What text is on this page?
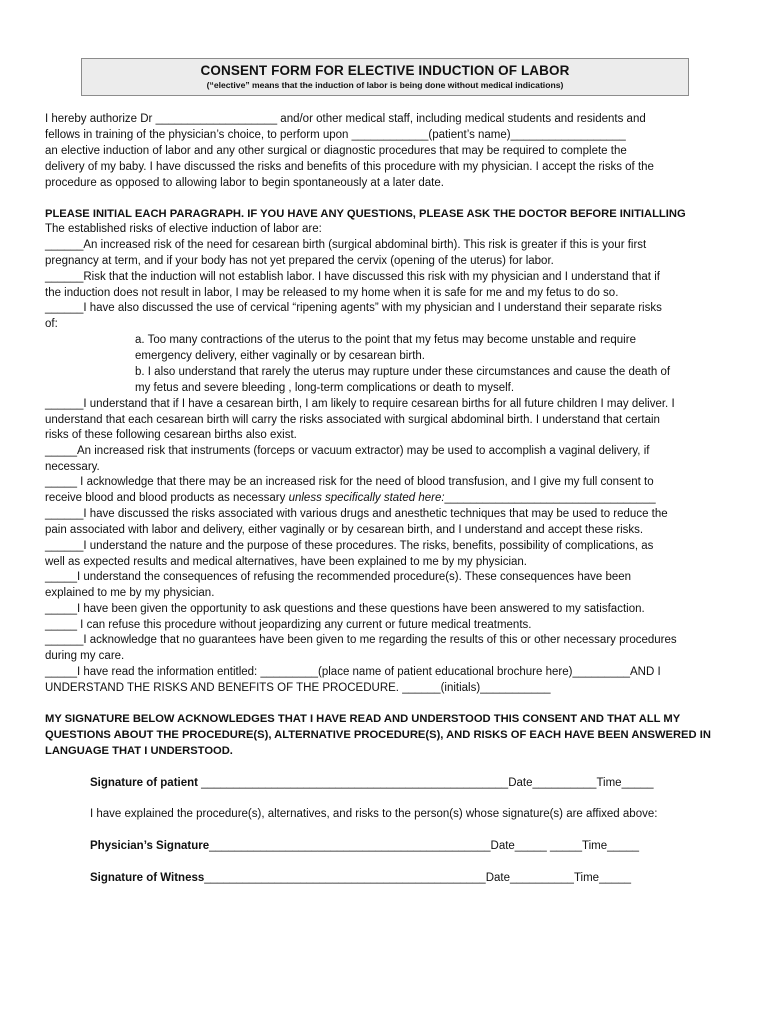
CONSENT FORM FOR ELECTIVE INDUCTION OF LABOR
(“elective” means that the induction of labor is being done without medical indications)
I hereby authorize Dr ___________________ and/or other medical staff, including medical students and residents and
fellows in training of the physician’s choice, to perform upon ____________(patient’s name)__________________
an elective induction of labor and any other surgical or diagnostic procedures that may be required to complete the
delivery of my baby. I have discussed the risks and benefits of this procedure with my physician. I accept the risks of the
procedure as opposed to allowing labor to begin spontaneously at a later date.
PLEASE INITIAL EACH PARAGRAPH. IF YOU HAVE ANY QUESTIONS, PLEASE ASK THE DOCTOR BEFORE INITIALLING
The established risks of elective induction of labor are:
______An increased risk of the need for cesarean birth (surgical abdominal birth). This risk is greater if this is your first
pregnancy at term, and if your body has not yet prepared the cervix (opening of the uterus) for labor.
______Risk that the induction will not establish labor. I have discussed this risk with my physician and I understand that if
the induction does not result in labor, I may be released to my home when it is safe for me and my fetus to do so.
______I have also discussed the use of cervical “ripening agents” with my physician and I understand their separate risks
of:
a. Too many contractions of the uterus to the point that my fetus may become unstable and require
emergency delivery, either vaginally or by cesarean birth.
b. I also understand that rarely the uterus may rupture under these circumstances and cause the death of
my fetus and severe bleeding , long-term complications or death to myself.
______I understand that if I have a cesarean birth, I am likely to require cesarean births for all future children I may deliver. I
understand that each cesarean birth will carry the risks associated with surgical abdominal birth. I understand that certain
risks of these following cesarean births also exist.
_____An increased risk that instruments (forceps or vacuum extractor) may be used to accomplish a vaginal delivery, if
necessary.
_____ I acknowledge that there may be an increased risk for the need of blood transfusion, and I give my full consent to
receive blood and blood products as necessary unless specifically stated here:_________________________________
______I have discussed the risks associated with various drugs and anesthetic techniques that may be used to reduce the
pain associated with labor and delivery, either vaginally or by cesarean birth, and I understand and accept these risks.
______I understand the nature and the purpose of these procedures. The risks, benefits, possibility of complications, as
well as expected results and medical alternatives, have been explained to me by my physician.
_____I understand the consequences of refusing the recommended procedure(s). These consequences have been
explained to me by my physician.
_____I have been given the opportunity to ask questions and these questions have been answered to my satisfaction.
_____ I can refuse this procedure without jeopardizing any current or future medical treatments.
______I acknowledge that no guarantees have been given to me regarding the results of this or other necessary procedures
during my care.
_____I have read the information entitled: _________(place name of patient educational brochure here)_________AND I
UNDERSTAND THE RISKS AND BENEFITS OF THE PROCEDURE. ______(initials)___________
MY SIGNATURE BELOW ACKNOWLEDGES THAT I HAVE READ AND UNDERSTOOD THIS CONSENT AND THAT ALL MY
QUESTIONS ABOUT THE PROCEDURE(S), ALTERNATIVE PROCEDURE(S), AND RISKS OF EACH HAVE BEEN ANSWERED IN
LANGUAGE THAT I UNDERSTOOD.
Signature of patient ________________________________________________Date__________Time_____
I have explained the procedure(s), alternatives, and risks to the person(s) whose signature(s) are affixed above:
Physician’s Signature____________________________________________Date_____ _____Time_____
Signature of Witness____________________________________________Date__________Time_____
